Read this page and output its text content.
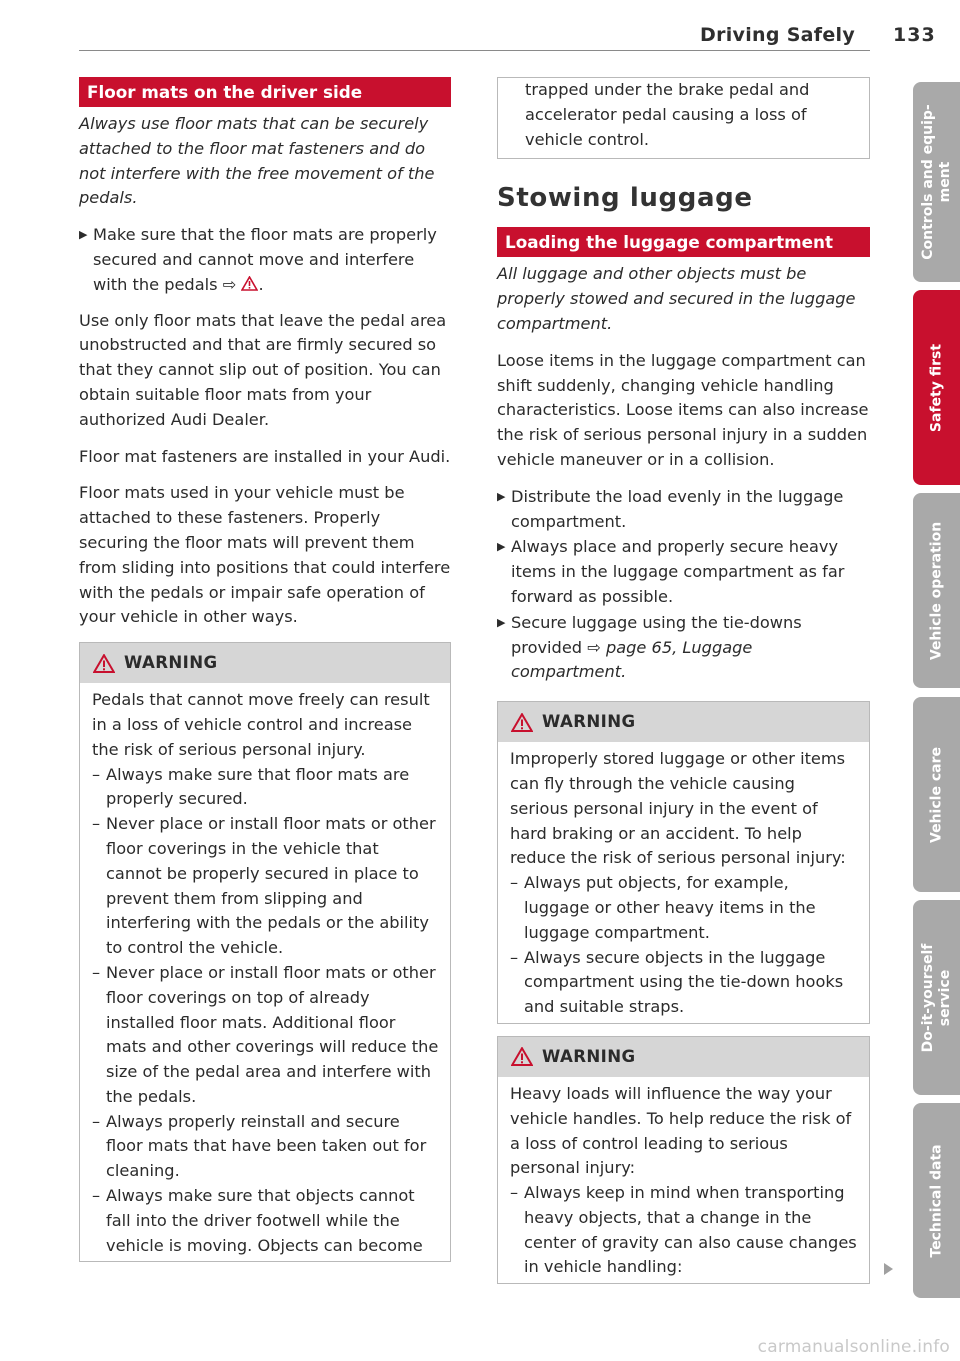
Driving Safely 133
Floor mats on the driver side

Always use floor mats that can be securely attached to the floor mat fasteners and do not interfere with the free movement of the pedals.

▶ Make sure that the floor mats are properly secured and cannot move and interfere with the pedals ⇨ .

Use only floor mats that leave the pedal area unobstructed and that are firmly secured so that they cannot slip out of position. You can obtain suitable floor mats from your authorized Audi Dealer.

Floor mat fasteners are installed in your Audi.

Floor mats used in your vehicle must be attached to these fasteners. Properly securing the floor mats will prevent them from sliding into positions that could interfere with the pedals or impair safe operation of your vehicle in other ways.

WARNING

Pedals that cannot move freely can result in a loss of vehicle control and increase the risk of serious personal injury.

– Always make sure that floor mats are properly secured.
– Never place or install floor mats or other floor coverings in the vehicle that cannot be properly secured in place to prevent them from slipping and interfering with the pedals or the ability to control the vehicle.
– Never place or install floor mats or other floor coverings on top of already installed floor mats. Additional floor mats and other coverings will reduce the size of the pedal area and interfere with the pedals.
– Always properly reinstall and secure floor mats that have been taken out for cleaning.
– Always make sure that objects cannot fall into the driver footwell while the vehicle is moving. Objects can become

trapped under the brake pedal and accelerator pedal causing a loss of vehicle control.

Stowing luggage
Loading the luggage compartment

All luggage and other objects must be properly stowed and secured in the luggage compartment.

Loose items in the luggage compartment can shift suddenly, changing vehicle handling characteristics. Loose items can also increase the risk of serious personal injury in a sudden vehicle maneuver or in a collision.

▶ Distribute the load evenly in the luggage compartment.
▶ Always place and properly secure heavy items in the luggage compartment as far forward as possible.
▶ Secure luggage using the tie-downs provided ⇨ page 65, Luggage compartment.
WARNING

Improperly stored luggage or other items can fly through the vehicle causing serious personal injury in the event of hard braking or an accident. To help reduce the risk of serious personal injury:

– Always put objects, for example, luggage or other heavy items in the luggage compartment.
– Always secure objects in the luggage compartment using the tie-down hooks and suitable straps.
WARNING

Heavy loads will influence the way your vehicle handles. To help reduce the risk of a loss of control leading to serious personal injury:

– Always keep in mind when transporting heavy objects, that a change in the center of gravity can also cause changes in vehicle handling:
Controls and equip-
ment
Safety first
Vehicle operation
Vehicle care
Do-it-yourself
service
Technical data
carmanualsonline.info
